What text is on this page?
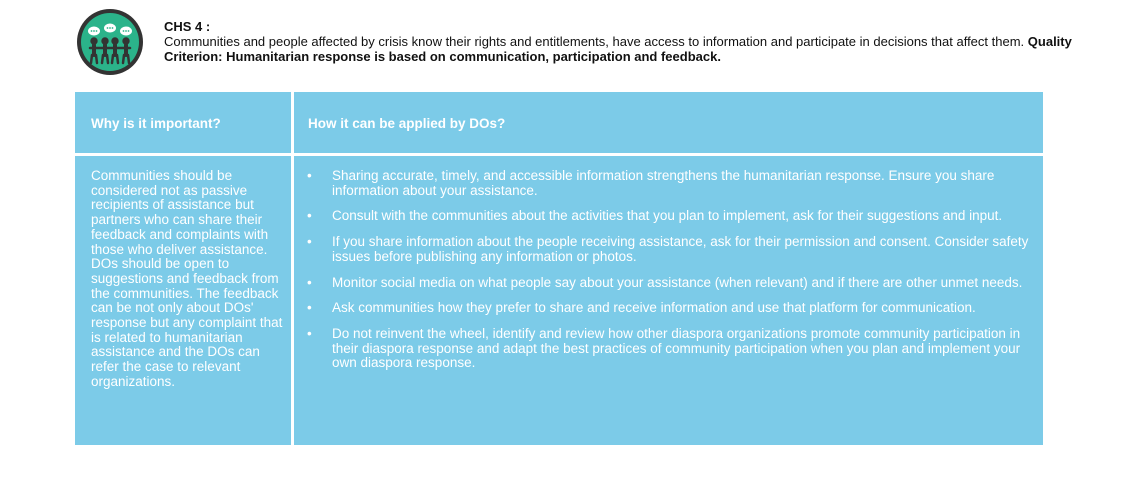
CHS 4 :
Communities and people affected by crisis know their rights and entitlements, have access to information and participate in decisions that affect them. Quality Criterion: Humanitarian response is based on communication, participation and feedback.
Why is it important?	How it can be applied by DOs?
Communities should be considered not as passive recipients of assistance but partners who can share their feedback and complaints with those who deliver assistance. DOs should be open to suggestions and feedback from the communities. The feedback can be not only about DOs' response but any complaint that is related to humanitarian assistance and the DOs can refer the case to relevant organizations.
• Sharing accurate, timely, and accessible information strengthens the humanitarian response. Ensure you share information about your assistance.
• Consult with the communities about the activities that you plan to implement, ask for their suggestions and input.
• If you share information about the people receiving assistance, ask for their permission and consent. Consider safety issues before publishing any information or photos.
• Monitor social media on what people say about your assistance (when relevant) and if there are other unmet needs.
• Ask communities how they prefer to share and receive information and use that platform for communication.
• Do not reinvent the wheel, identify and review how other diaspora organizations promote community participation in their diaspora response and adapt the best practices of community participation when you plan and implement your own diaspora response.
